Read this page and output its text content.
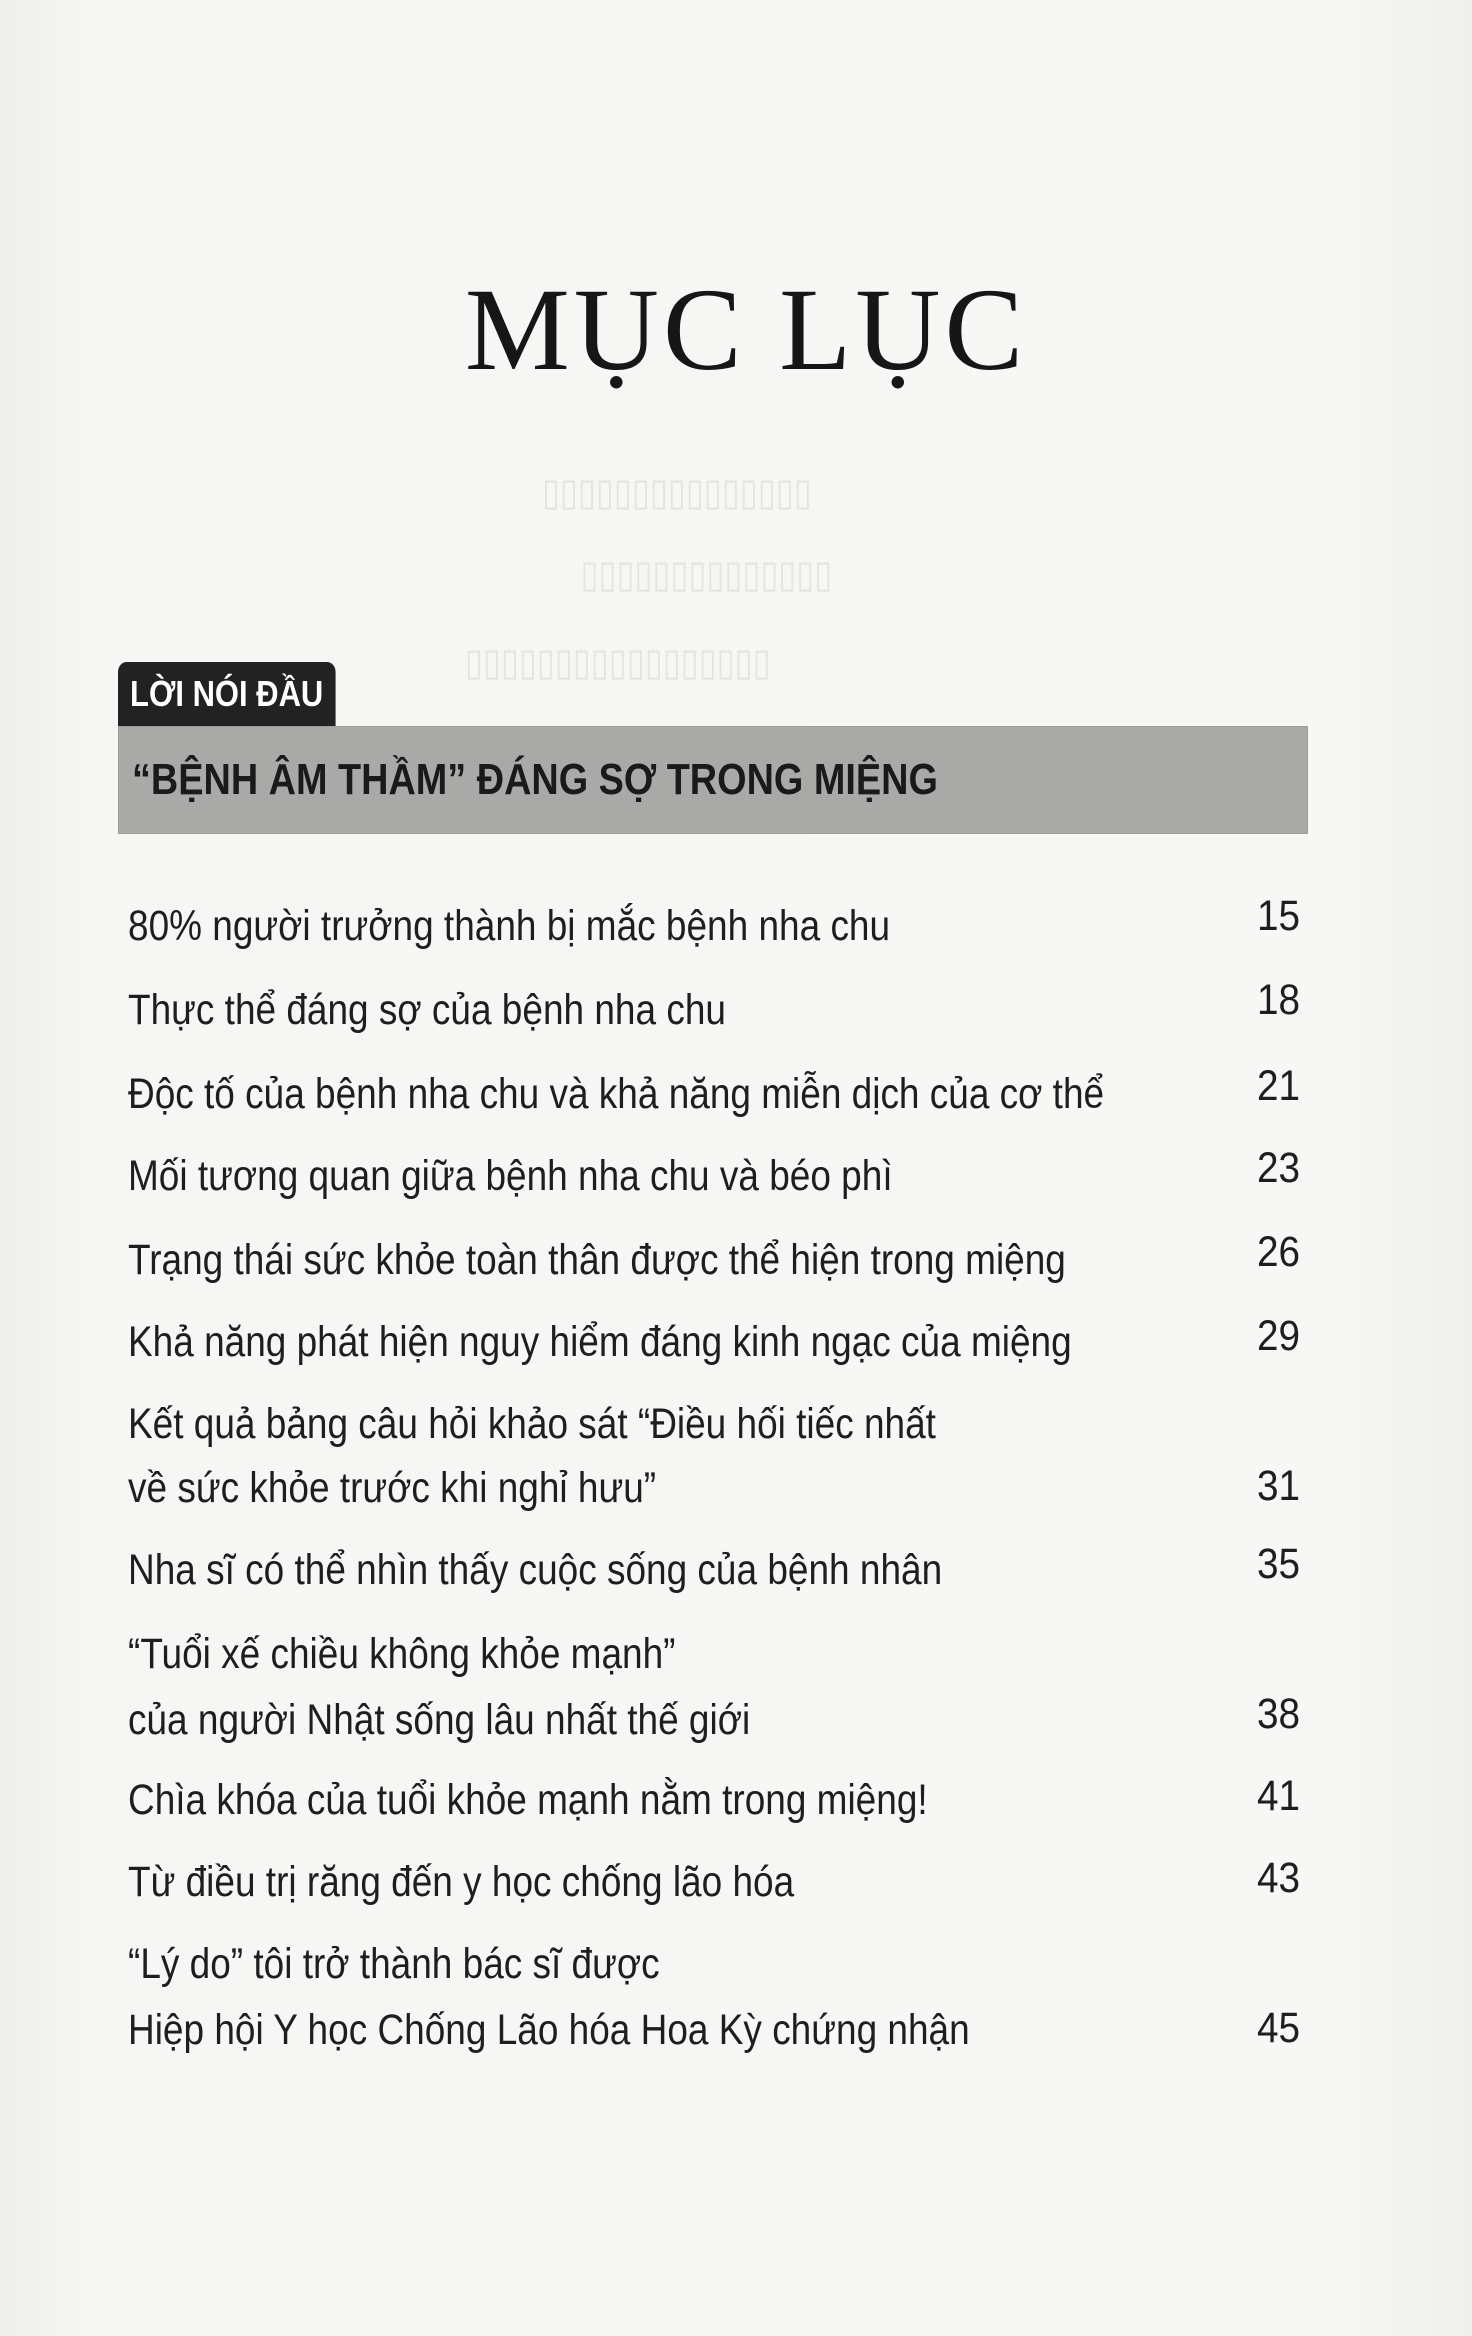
▯▯▯▯▯▯▯▯▯▯▯▯▯▯▯
▯▯▯▯▯▯▯▯▯▯▯▯▯▯
▯▯▯▯▯▯▯▯▯▯▯▯▯▯▯▯▯
MỤC LỤC
LỜI NÓI ĐẦU
“BỆNH ÂM THẦM” ĐÁNG SỢ TRONG MIỆNG
80% người trưởng thành bị mắc bệnh nha chu	15
Thực thể đáng sợ của bệnh nha chu	18
Độc tố của bệnh nha chu và khả năng miễn dịch của cơ thể	21
Mối tương quan giữa bệnh nha chu và béo phì	23
Trạng thái sức khỏe toàn thân được thể hiện trong miệng	26
Khả năng phát hiện nguy hiểm đáng kinh ngạc của miệng	29
Kết quả bảng câu hỏi khảo sát “Điều hối tiếc nhất
về sức khỏe trước khi nghỉ hưu”	31
Nha sĩ có thể nhìn thấy cuộc sống của bệnh nhân	35
“Tuổi xế chiều không khỏe mạnh”
của người Nhật sống lâu nhất thế giới	38
Chìa khóa của tuổi khỏe mạnh nằm trong miệng!	41
Từ điều trị răng đến y học chống lão hóa	43
“Lý do” tôi trở thành bác sĩ được
Hiệp hội Y học Chống Lão hóa Hoa Kỳ chứng nhận	45
